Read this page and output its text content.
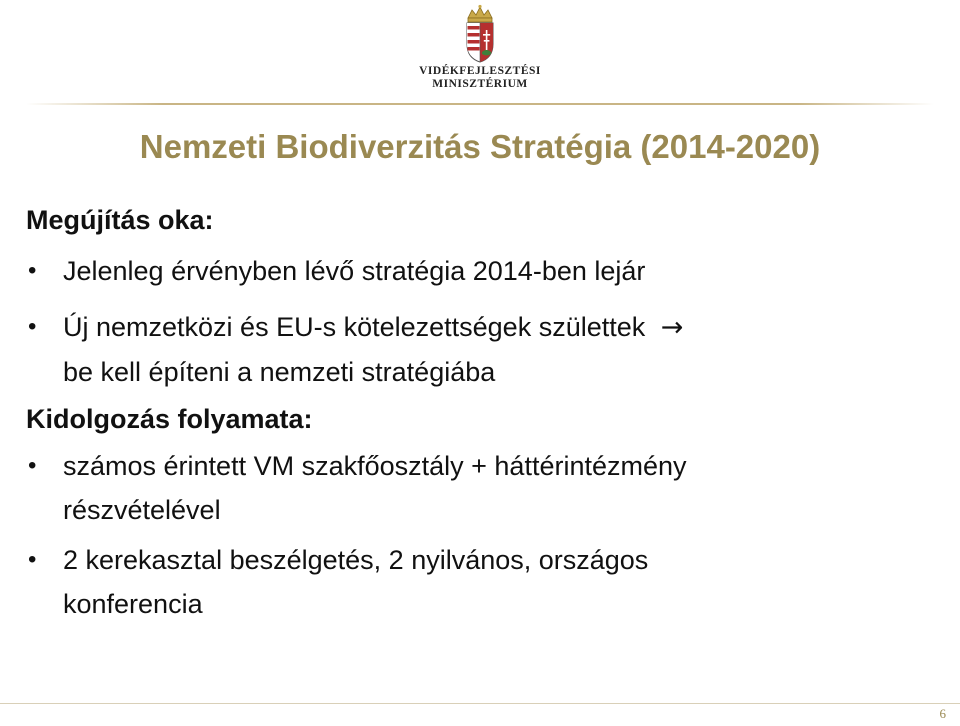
VIDÉKFEJLESZTÉSI
MINISZTÉRIUM
Nemzeti Biodiverzitás Stratégia (2014-2020)
Megújítás oka:
• Jelenleg érvényben lévő stratégia 2014-ben lejár
• Új nemzetközi és EU-s kötelezettségek születtek →
be kell építeni a nemzeti stratégiába
Kidolgozás folyamata:
• számos érintett VM szakfőosztály + háttérintézmény
részvételével
• 2 kerekasztal beszélgetés, 2 nyilvános, országos
konferencia
6
